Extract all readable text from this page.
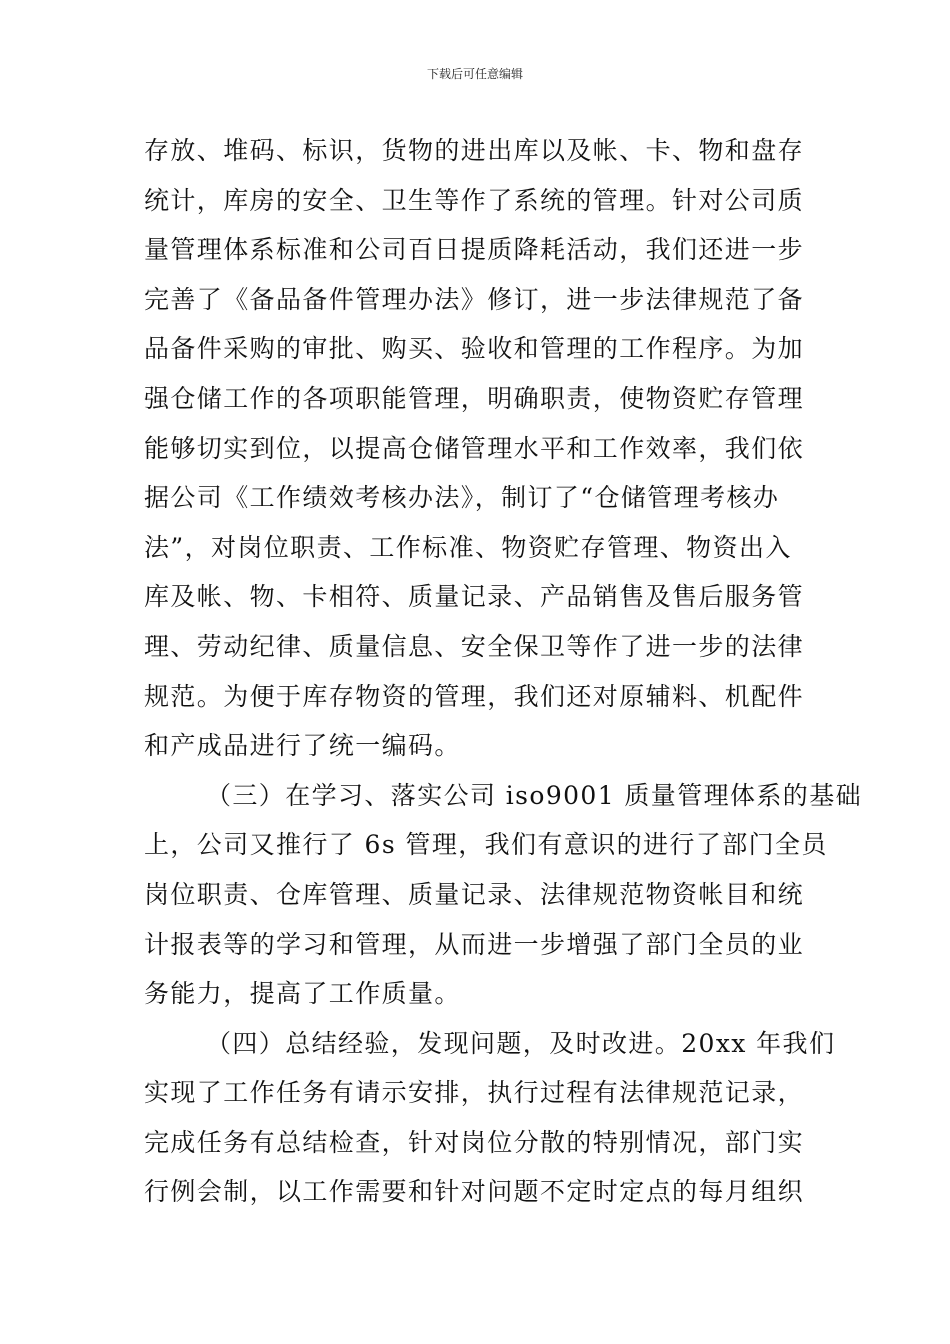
下载后可任意编辑
存放、堆码、标识，货物的进出库以及帐、卡、物和盘存
统计，库房的安全、卫生等作了系统的管理。针对公司质
量管理体系标准和公司百日提质降耗活动，我们还进一步
完善了《备品备件管理办法》修订，进一步法律规范了备
品备件采购的审批、购买、验收和管理的工作程序。为加
强仓储工作的各项职能管理，明确职责，使物资贮存管理
能够切实到位，以提高仓储管理水平和工作效率，我们依
据公司《工作绩效考核办法》，制订了“仓储管理考核办
法”，对岗位职责、工作标准、物资贮存管理、物资出入
库及帐、物、卡相符、质量记录、产品销售及售后服务管
理、劳动纪律、质量信息、安全保卫等作了进一步的法律
规范。为便于库存物资的管理，我们还对原辅料、机配件
和产成品进行了统一编码。
（三）在学习、落实公司 iso9001 质量管理体系的基础
上，公司又推行了 6s 管理，我们有意识的进行了部门全员
岗位职责、仓库管理、质量记录、法律规范物资帐目和统
计报表等的学习和管理，从而进一步增强了部门全员的业
务能力，提高了工作质量。
（四）总结经验，发现问题，及时改进。20xx 年我们
实现了工作任务有请示安排，执行过程有法律规范记录，
完成任务有总结检查，针对岗位分散的特别情况，部门实
行例会制，以工作需要和针对问题不定时定点的每月组织
